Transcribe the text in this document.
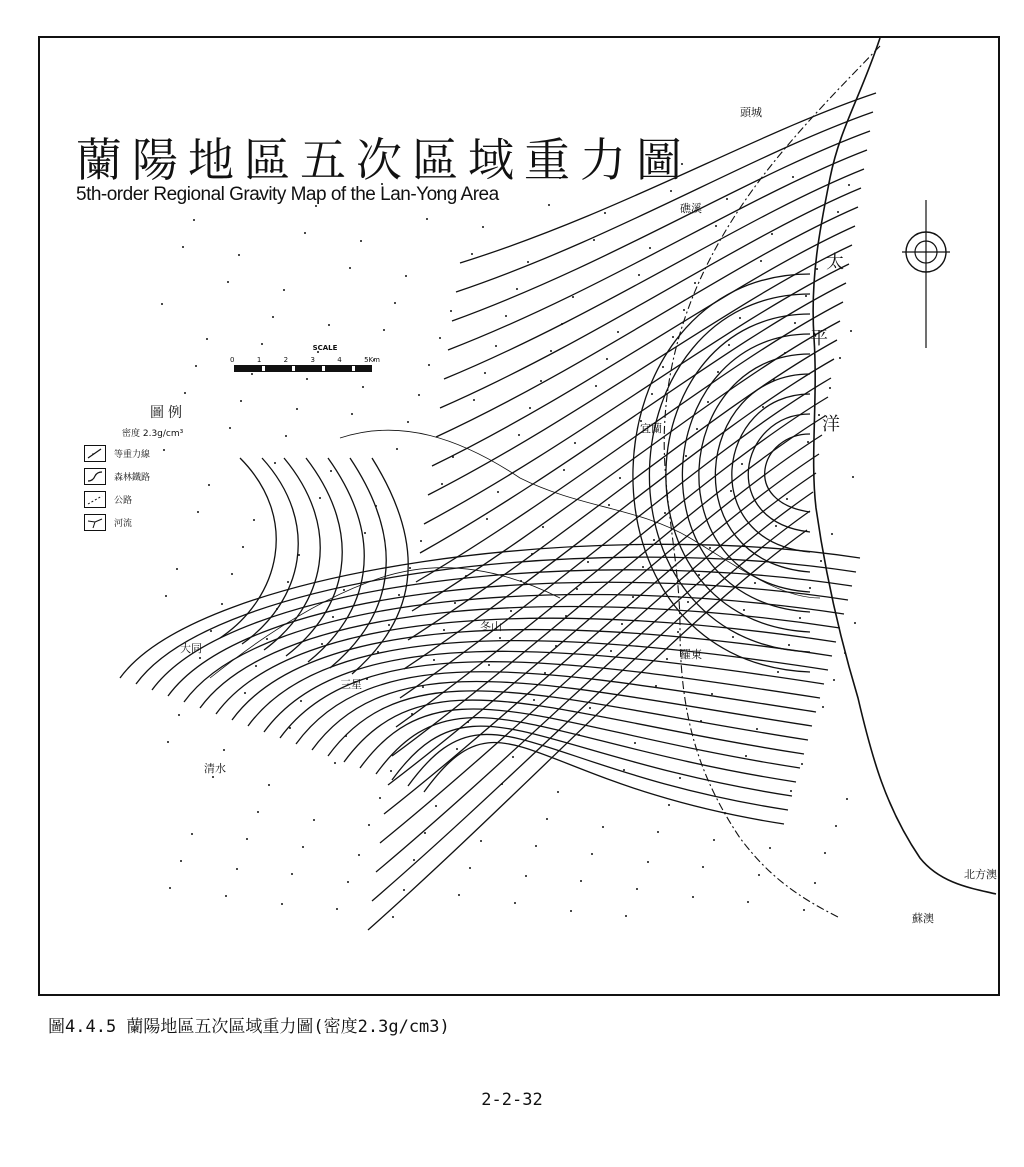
蘭陽地區五次區域重力圖
5th-order Regional Gravity Map of the Lan-Yong Area
SCALE
0	1	2	3	4	5Km
圖例
密度 2.3g/cm³
等重力線
森林鐵路
公路
河流
太
平
洋
宜蘭
羅東
三星
蘇澳
北方澳
頭城
清水
大同
冬山
礁溪
圖4.4.5 蘭陽地區五次區域重力圖(密度2.3g/cm3)
2-2-32
